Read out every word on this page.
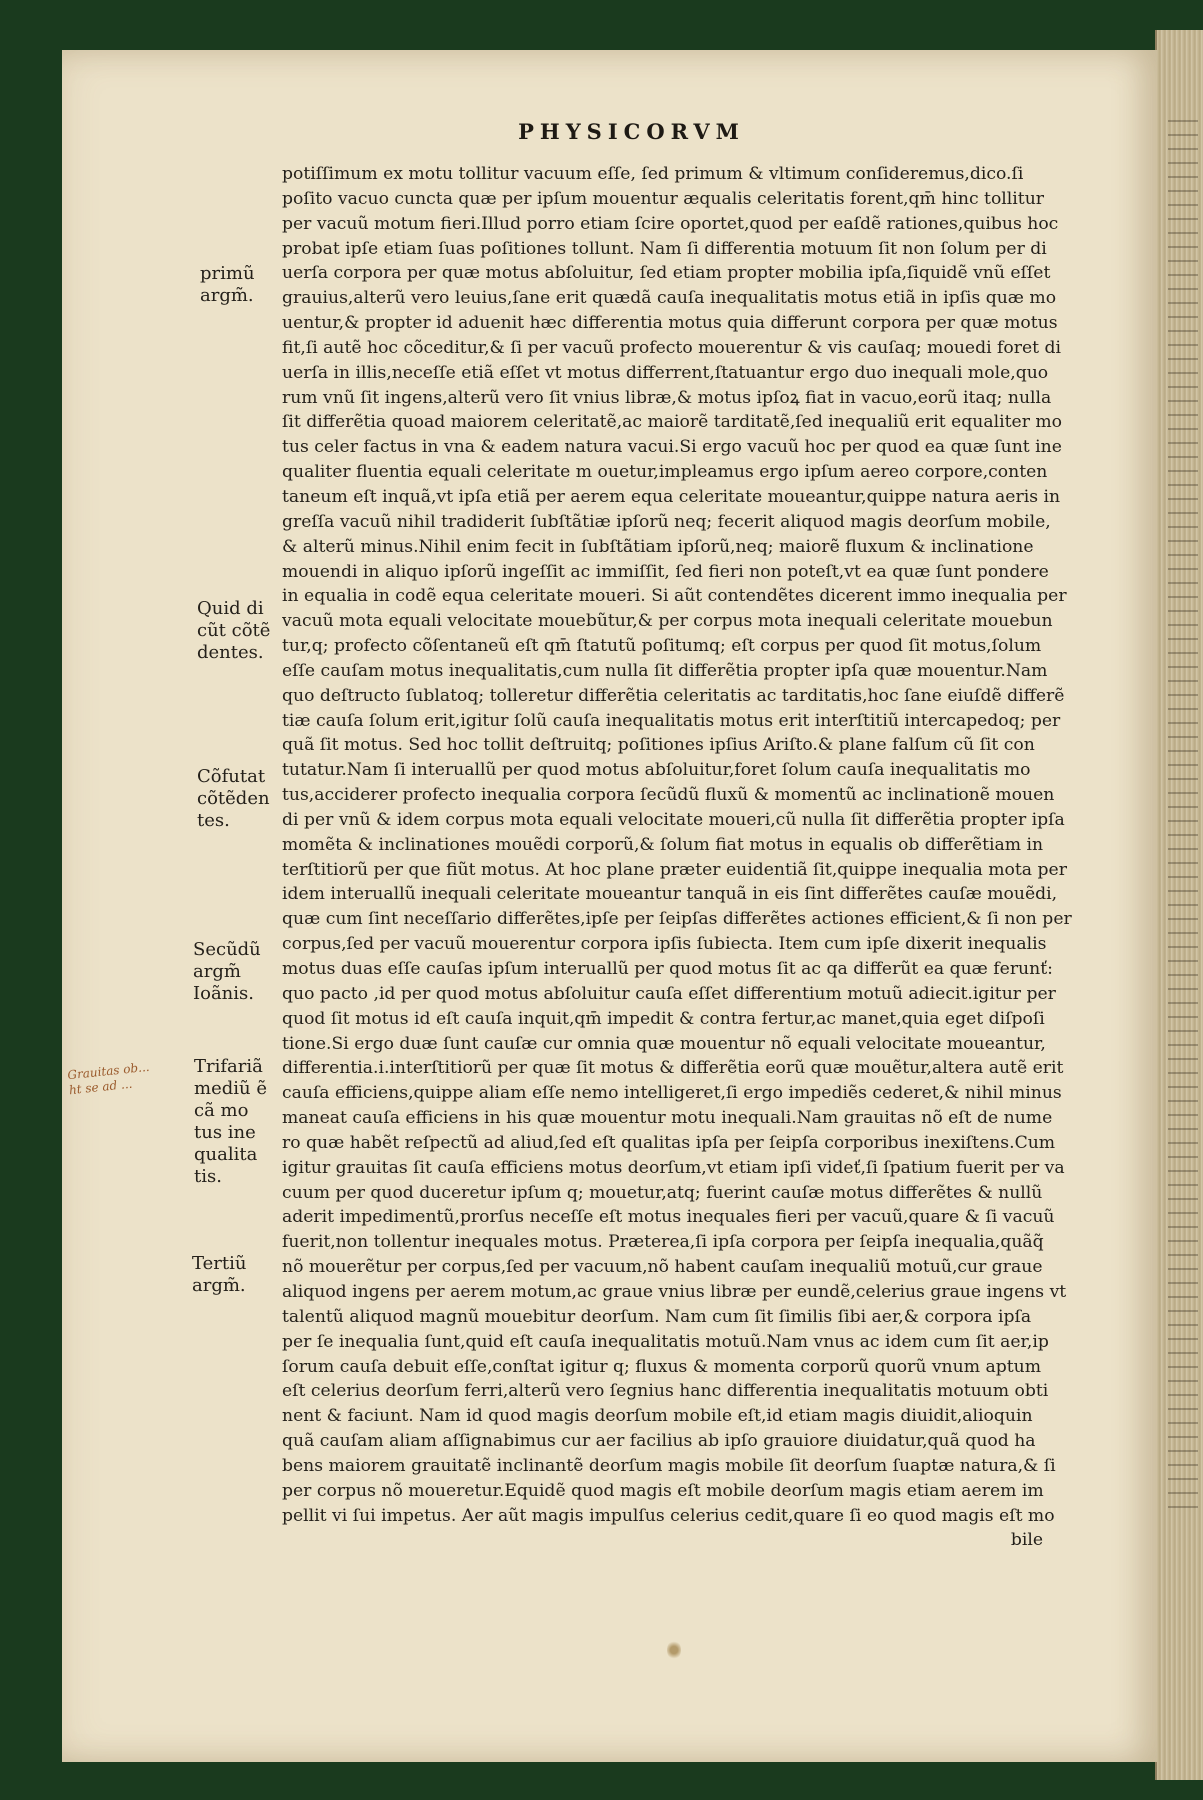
PHYSICORVM
potiſſimum ex motu tollitur vacuum eſſe, ſed primum & vltimum conſideremus,dico.ſi
poſito vacuo cuncta quæ per ipſum mouentur æqualis celeritatis forent,qm̄ hinc tollitur
per vacuũ motum fieri.Illud porro etiam ſcire oportet,quod per eaſdẽ rationes,quibus hoc
probat ipſe etiam ſuas poſitiones tollunt. Nam ſi differentia motuum ſit non ſolum per di
uerſa corpora per quæ motus abſoluitur, ſed etiam propter mobilia ipſa,ſiquidẽ vnũ eſſet
grauius,alterũ vero leuius,ſane erit quædã cauſa inequalitatis motus etiã in ipſis quæ mo
uentur,& propter id aduenit hæc differentia motus quia differunt corpora per quæ motus
fit,ſi autẽ hoc cõceditur,& ſi per vacuũ profecto mouerentur & vis cauſaq; mouedi foret di
uerſa in illis,neceſſe etiã eſſet vt motus differrent,ſtatuantur ergo duo inequali mole,quo
rum vnũ ſit ingens,alterũ vero ſit vnius libræ,& motus ipſoꝝ fiat in vacuo,eorũ itaq; nulla
ſit differẽtia quoad maiorem celeritatẽ,ac maiorẽ tarditatẽ,ſed inequaliũ erit equaliter mo
tus celer factus in vna & eadem natura vacui.Si ergo vacuũ hoc per quod ea quæ ſunt ine
qualiter fluentia equali celeritate m ouetur,impleamus ergo ipſum aereo corpore,conten
taneum eſt inquã,vt ipſa etiã per aerem equa celeritate moueantur,quippe natura aeris in
greſſa vacuũ nihil tradiderit ſubſtãtiæ ipſorũ neq; fecerit aliquod magis deorſum mobile,
& alterũ minus.Nihil enim fecit in ſubſtãtiam ipſorũ,neq; maiorẽ fluxum & inclinatione
mouendi in aliquo ipſorũ ingeſſit ac immiſſit, ſed fieri non poteſt,vt ea quæ ſunt pondere
in equalia in codẽ equa celeritate moueri. Si aũt contendẽtes dicerent immo inequalia per
vacuũ mota equali velocitate mouebũtur,& per corpus mota inequali celeritate mouebun
tur,q; profecto cõſentaneũ eſt qm̄ ſtatutũ poſitumq; eſt corpus per quod ſit motus,ſolum
eſſe cauſam motus inequalitatis,cum nulla ſit differẽtia propter ipſa quæ mouentur.Nam
quo deſtructo ſublatoq; tolleretur differẽtia celeritatis ac tarditatis,hoc ſane eiuſdẽ differẽ
tiæ cauſa ſolum erit,igitur ſolũ cauſa inequalitatis motus erit interſtitiũ intercapedoq; per
quã ſit motus. Sed hoc tollit deſtruitq; poſitiones ipſius Ariſto.& plane falſum cũ ſit con
tutatur.Nam ſi interuallũ per quod motus abſoluitur,foret ſolum cauſa inequalitatis mo
tus,acciderer profecto inequalia corpora ſecũdũ fluxũ & momentũ ac inclinationẽ mouen
di per vnũ & idem corpus mota equali velocitate moueri,cũ nulla ſit differẽtia propter ipſa
momẽta & inclinationes mouẽdi corporũ,& ſolum fiat motus in equalis ob differẽtiam in
terſtitiorũ per que fiũt motus. At hoc plane præter euidentiã ſit,quippe inequalia mota per
idem interuallũ inequali celeritate moueantur tanquã in eis ſint differẽtes cauſæ mouẽdi,
quæ cum ſint neceſſario differẽtes,ipſe per ſeipſas differẽtes actiones efficient,& ſi non per
corpus,ſed per vacuũ mouerentur corpora ipſis ſubiecta. Item cum ipſe dixerit inequalis
motus duas eſſe cauſas ipſum interuallũ per quod motus ſit ac qa differũt ea quæ ferunť:
quo pacto ,id per quod motus abſoluitur cauſa eſſet differentium motuũ adiecit.igitur per
quod ſit motus id eſt cauſa inquit,qm̄ impedit & contra fertur,ac manet,quia eget diſpoſi
tione.Si ergo duæ ſunt cauſæ cur omnia quæ mouentur nõ equali velocitate moueantur,
differentia.i.interſtitiorũ per quæ ſit motus & differẽtia eorũ quæ mouẽtur,altera autẽ erit
cauſa efficiens,quippe aliam eſſe nemo intelligeret,ſi ergo impediẽs cederet,& nihil minus
maneat cauſa efficiens in his quæ mouentur motu inequali.Nam grauitas nõ eſt de nume
ro quæ habẽt reſpectũ ad aliud,ſed eſt qualitas ipſa per ſeipſa corporibus inexiſtens.Cum
igitur grauitas ſit cauſa efficiens motus deorſum,vt etiam ipſi videť,ſi ſpatium fuerit per va
cuum per quod duceretur ipſum q; mouetur,atq; fuerint cauſæ motus differẽtes & nullũ
aderit impedimentũ,prorſus neceſſe eſt motus inequales fieri per vacuũ,quare & ſi vacuũ
fuerit,non tollentur inequales motus. Præterea,ſi ipſa corpora per ſeipſa inequalia,quãq̃
nõ mouerẽtur per corpus,ſed per vacuum,nõ habent cauſam inequaliũ motuũ,cur graue
aliquod ingens per aerem motum,ac graue vnius libræ per eundẽ,celerius graue ingens vt
talentũ aliquod magnũ mouebitur deorſum. Nam cum ſit ſimilis ſibi aer,& corpora ipſa
per ſe inequalia ſunt,quid eſt cauſa inequalitatis motuũ.Nam vnus ac idem cum ſit aer,ip
ſorum cauſa debuit eſſe,conſtat igitur q; fluxus & momenta corporũ quorũ vnum aptum
eſt celerius deorſum ferri,alterũ vero ſegnius hanc differentia inequalitatis motuum obti
nent & faciunt. Nam id quod magis deorſum mobile eſt,id etiam magis diuidit,alioquin
quã cauſam aliam aſſignabimus cur aer facilius ab ipſo grauiore diuidatur,quã quod ha
bens maiorem grauitatẽ inclinantẽ deorſum magis mobile ſit deorſum ſuaptæ natura,& ſi
per corpus nõ moueretur.Equidẽ quod magis eſt mobile deorſum magis etiam aerem im
pellit vi ſui impetus. Aer aũt magis impulſus celerius cedit,quare ſi eo quod magis eſt mo
bile
primũ
argm̃.
Quid di
cũt cõtẽ
dentes.
Cõfutat
cõtẽden
tes.
Secũdũ
argm̃
Ioãnis.
Trifariã
mediũ ẽ
cã mo
tus ine
qualita
tis.
Tertiũ
argm̃.
Grauitas ob...
ht se ad ...
